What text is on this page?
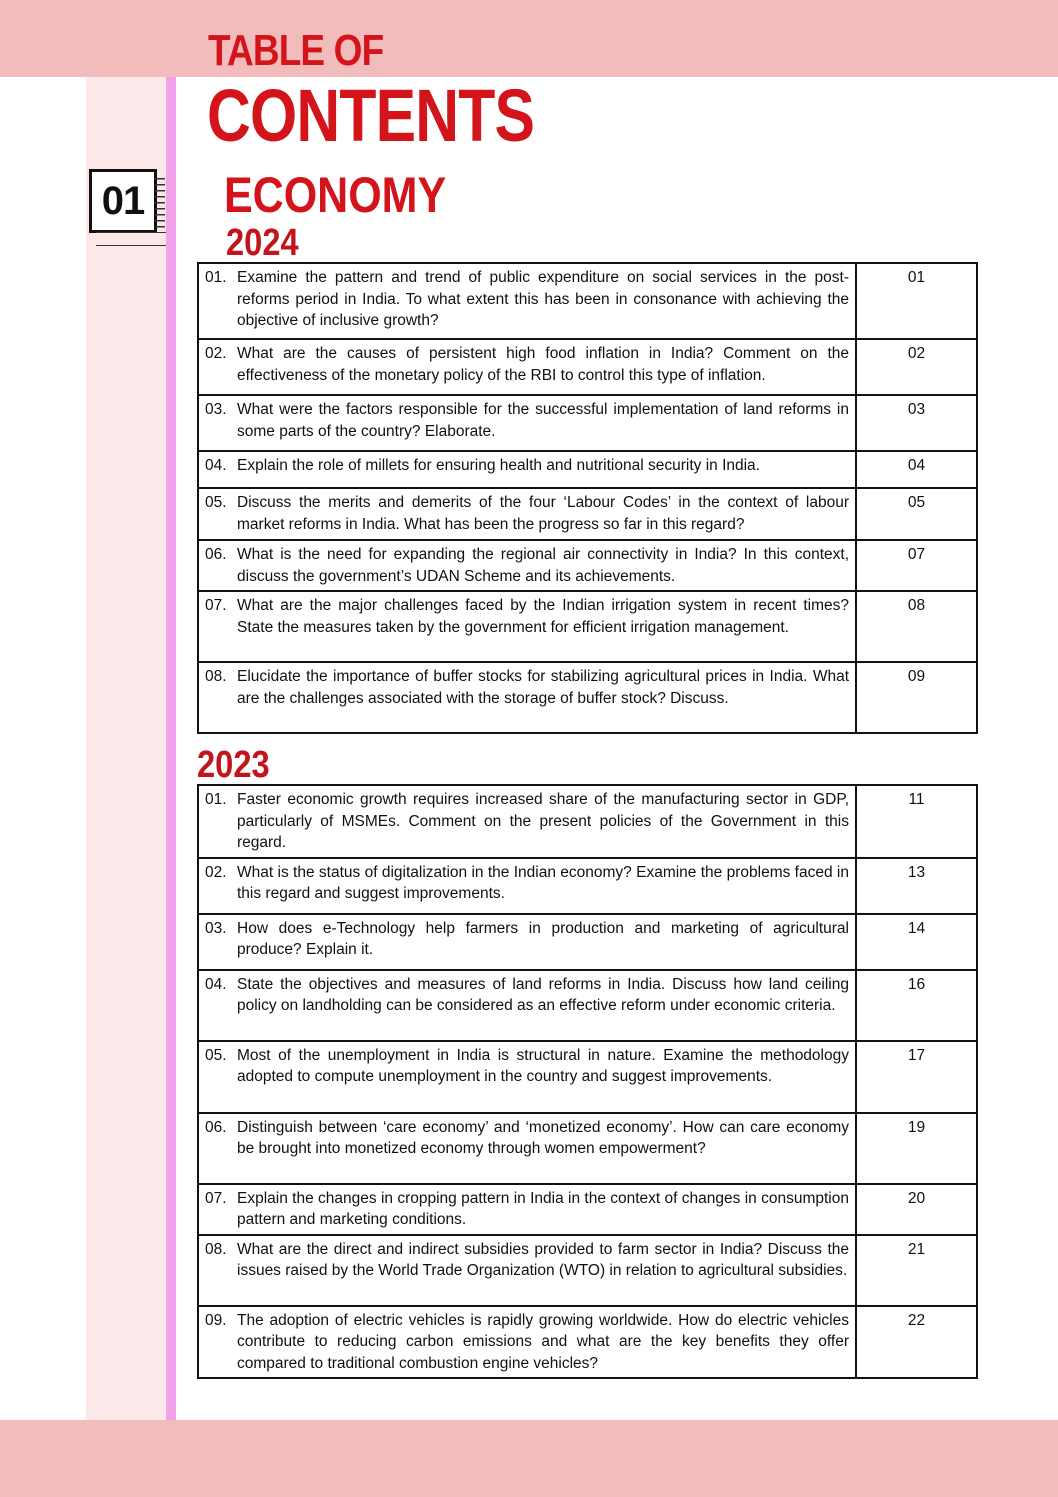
TABLE OF
CONTENTS
01 ECONOMY
2024
01. Examine the pattern and trend of public expenditure on social services in the post-reforms period in India. To what extent this has been in consonance with achieving the objective of inclusive growth?	01

02. What are the causes of persistent high food inflation in India? Comment on the effectiveness of the monetary policy of the RBI to control this type of inflation.	02

03. What were the factors responsible for the successful implementation of land reforms in some parts of the country? Elaborate.	03

04. Explain the role of millets for ensuring health and nutritional security in India.	04

05. Discuss the merits and demerits of the four ‘Labour Codes’ in the context of labour market reforms in India. What has been the progress so far in this regard?	05

06. What is the need for expanding the regional air connectivity in India? In this context, discuss the government’s UDAN Scheme and its achievements.	07

07. What are the major challenges faced by the Indian irrigation system in recent times? State the measures taken by the government for efficient irrigation management.	08

08. Elucidate the importance of buffer stocks for stabilizing agricultural prices in India. What are the challenges associated with the storage of buffer stock? Discuss.	09
2023
01. Faster economic growth requires increased share of the manufacturing sector in GDP, particularly of MSMEs. Comment on the present policies of the Government in this regard.	11

02. What is the status of digitalization in the Indian economy? Examine the problems faced in this regard and suggest improvements.	13

03. How does e-Technology help farmers in production and marketing of agricultural produce? Explain it.	14

04. State the objectives and measures of land reforms in India. Discuss how land ceiling policy on landholding can be considered as an effective reform under economic criteria.	16

05. Most of the unemployment in India is structural in nature. Examine the methodology adopted to compute unemployment in the country and suggest improvements.	17

06. Distinguish between ‘care economy’ and ‘monetized economy’. How can care economy be brought into monetized economy through women empowerment?	19

07. Explain the changes in cropping pattern in India in the context of changes in consumption pattern and marketing conditions.	20

08. What are the direct and indirect subsidies provided to farm sector in India? Discuss the issues raised by the World Trade Organization (WTO) in relation to agricultural subsidies.	21

09. The adoption of electric vehicles is rapidly growing worldwide. How do electric vehicles contribute to reducing carbon emissions and what are the key benefits they offer compared to traditional combustion engine vehicles?	22
